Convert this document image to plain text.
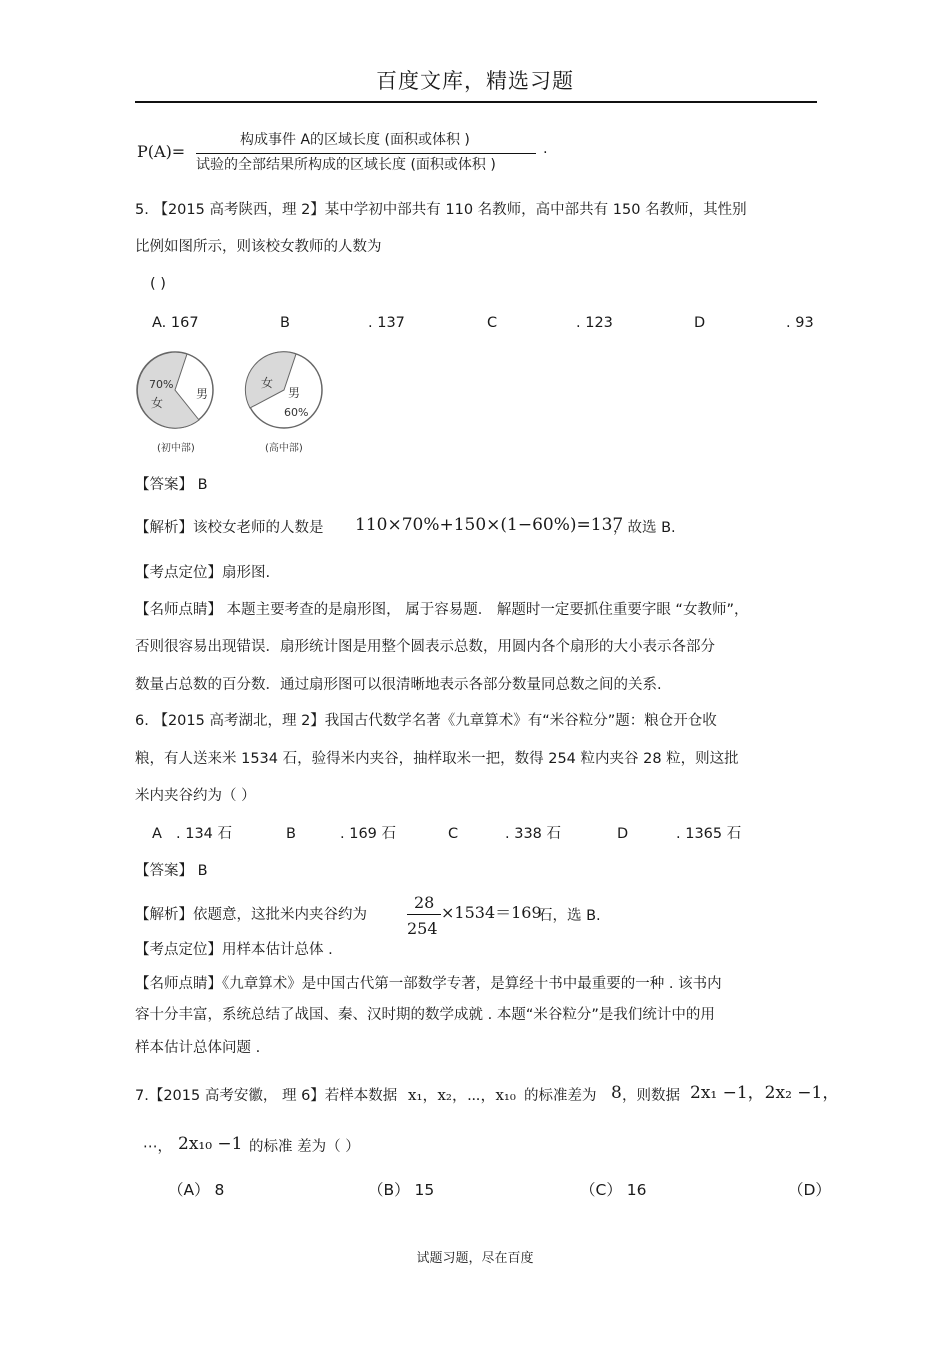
百度文库，精选习题
P(A)=
构成事件 A的区域长度 (面积或体积 )
试验的全部结果所构成的区域长度 (面积或体积 )
.
5. 【2015 高考陕西，理 2】某中学初中部共有 110 名教师，高中部共有 150 名教师，其性别
比例如图所示，则该校女教师的人数为
( )
A. 167	B	. 137	C	. 123	D	. 93
70%
女
男
(初中部)
女
男
60%
(高中部)
【答案】 B
【解析】该校女老师的人数是 110×70%+150×(1−60%)=137
，故选 B.
【考点定位】扇形图.
【名师点睛】 本题主要考查的是扇形图， 属于容易题． 解题时一定要抓住重要字眼 “女教师”，
否则很容易出现错误．扇形统计图是用整个圆表示总数，用圆内各个扇形的大小表示各部分
数量占总数的百分数．通过扇形图可以很清晰地表示各部分数量同总数之间的关系.
6. 【2015 高考湖北，理 2】我国古代数学名著《九章算术》有“米谷粒分”题：粮仓开仓收
粮，有人送来米 1534 石，验得米内夹谷，抽样取米一把，数得 254 粒内夹谷 28 粒，则这批
米内夹谷约为（ ）
A . 134 石	B	. 169 石	C	. 338 石	D	. 1365 石
【答案】 B
【解析】依题意，这批米内夹谷约为
28
254
×1534＝169
石，选 B.
【考点定位】用样本估计总体 .
【名师点睛】《九章算术》是中国古代第一部数学专著，是算经十书中最重要的一种 . 该书内
容十分丰富，系统总结了战国、秦、汉时期的数学成就 . 本题“米谷粒分”是我们统计中的用
样本估计总体问题 .
7.【2015 高考安徽， 理 6】若样本数据 x₁，x₂，⋯，x₁₀ 的标准差为 8 ，则数据 2x₁ −1，2x₂ −1，
⋯， 2x₁₀ −1 的标准 差为（ ）
（A） 8	（B） 15	（C） 16	（D）
试题习题，尽在百度
